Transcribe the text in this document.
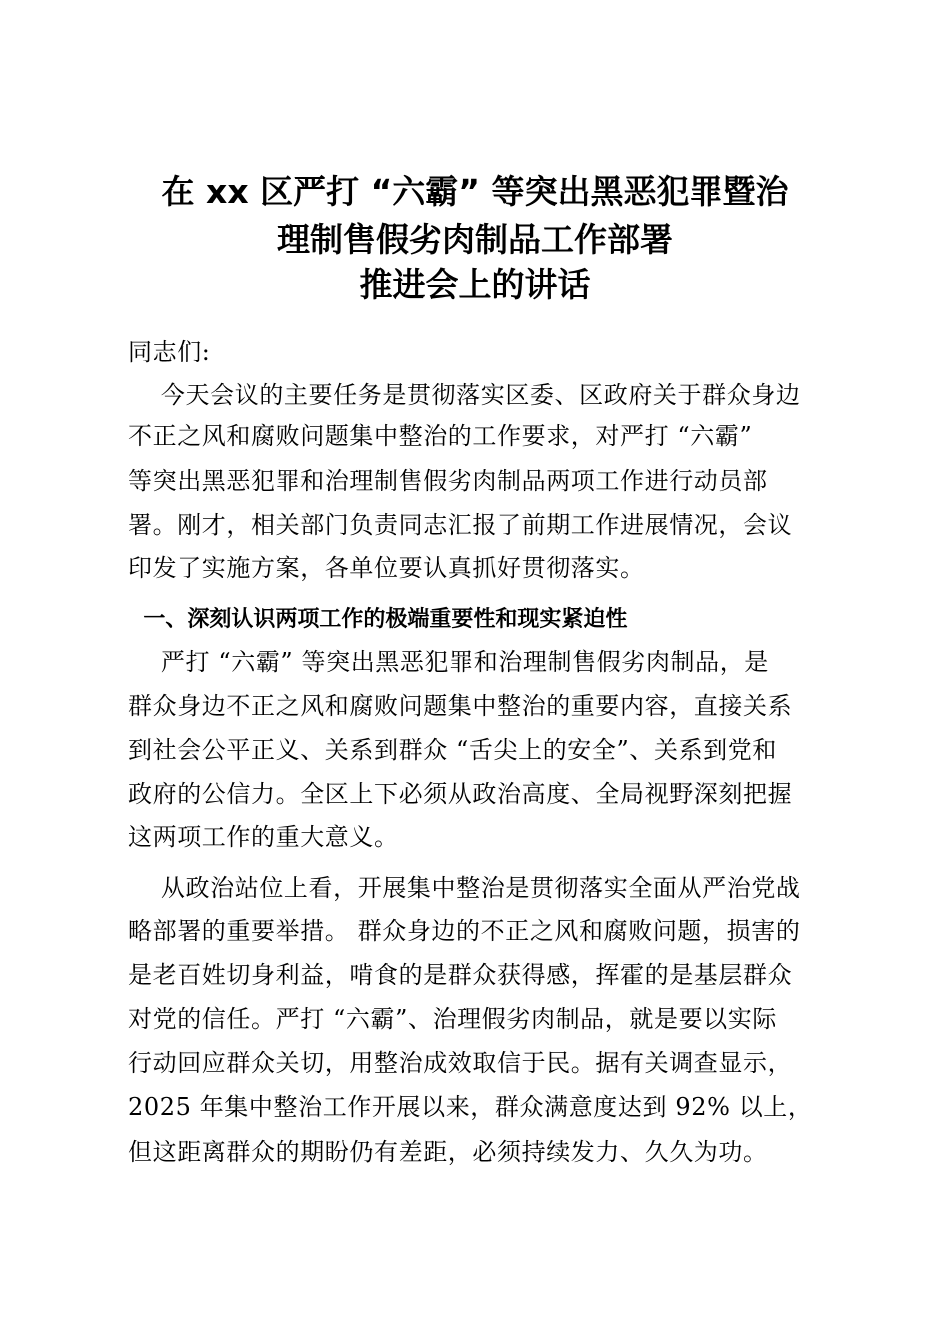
在 xx 区严打 “六霸” 等突出黑恶犯罪暨治
理制售假劣肉制品工作部署
推进会上的讲话
同志们:
今天会议的主要任务是贯彻落实区委、区政府关于群众身边
不正之风和腐败问题集中整治的工作要求，对严打 “六霸”
等突出黑恶犯罪和治理制售假劣肉制品两项工作进行动员部
署。刚才，相关部门负责同志汇报了前期工作进展情况，会议
印发了实施方案，各单位要认真抓好贯彻落实。
一、深刻认识两项工作的极端重要性和现实紧迫性
严打 “六霸” 等突出黑恶犯罪和治理制售假劣肉制品，是
群众身边不正之风和腐败问题集中整治的重要内容，直接关系
到社会公平正义、关系到群众 “舌尖上的安全”、关系到党和
政府的公信力。全区上下必须从政治高度、全局视野深刻把握
这两项工作的重大意义。
从政治站位上看，开展集中整治是贯彻落实全面从严治党战
略部署的重要举措。 群众身边的不正之风和腐败问题，损害的
是老百姓切身利益，啃食的是群众获得感，挥霍的是基层群众
对党的信任。严打 “六霸”、治理假劣肉制品，就是要以实际
行动回应群众关切，用整治成效取信于民。据有关调查显示，
2025 年集中整治工作开展以来，群众满意度达到 92% 以上，
但这距离群众的期盼仍有差距，必须持续发力、久久为功。
